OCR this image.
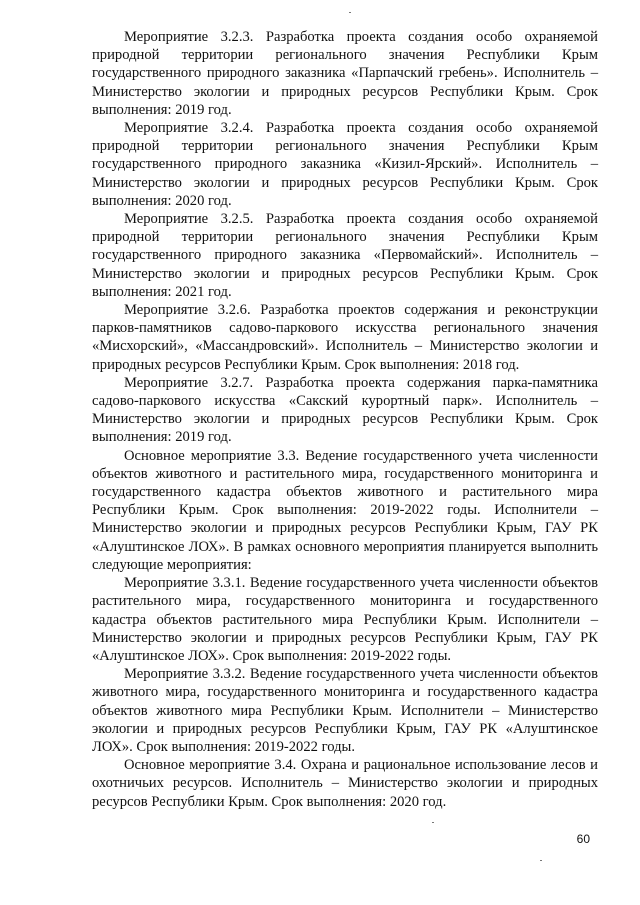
Мероприятие 3.2.3. Разработка проекта создания особо охраняемой природной территории регионального значения Республики Крым государственного природного заказника «Парпачский гребень». Исполнитель – Министерство экологии и природных ресурсов Республики Крым. Срок выполнения: 2019 год.

Мероприятие 3.2.4. Разработка проекта создания особо охраняемой природной территории регионального значения Республики Крым государственного природного заказника «Кизил-Ярский». Исполнитель – Министерство экологии и природных ресурсов Республики Крым. Срок выполнения: 2020 год.

Мероприятие 3.2.5. Разработка проекта создания особо охраняемой природной территории регионального значения Республики Крым государственного природного заказника «Первомайский». Исполнитель – Министерство экологии и природных ресурсов Республики Крым. Срок выполнения: 2021 год.

Мероприятие 3.2.6. Разработка проектов содержания и реконструкции парков-памятников садово-паркового искусства регионального значения «Мисхорский», «Массандровский». Исполнитель – Министерство экологии и природных ресурсов Республики Крым. Срок выполнения: 2018 год.

Мероприятие 3.2.7. Разработка проекта содержания парка-памятника садово-паркового искусства «Сакский курортный парк». Исполнитель – Министерство экологии и природных ресурсов Республики Крым. Срок выполнения: 2019 год.

Основное мероприятие 3.3. Ведение государственного учета численности объектов животного и растительного мира, государственного мониторинга и государственного кадастра объектов животного и растительного мира Республики Крым. Срок выполнения: 2019-2022 годы. Исполнители – Министерство экологии и природных ресурсов Республики Крым, ГАУ РК «Алуштинское ЛОХ». В рамках основного мероприятия планируется выполнить следующие мероприятия:

Мероприятие 3.3.1. Ведение государственного учета численности объектов растительного мира, государственного мониторинга и государственного кадастра объектов растительного мира Республики Крым. Исполнители – Министерство экологии и природных ресурсов Республики Крым, ГАУ РК «Алуштинское ЛОХ». Срок выполнения: 2019-2022 годы.

Мероприятие 3.3.2. Ведение государственного учета численности объектов животного мира, государственного мониторинга и государственного кадастра объектов животного мира Республики Крым. Исполнители – Министерство экологии и природных ресурсов Республики Крым, ГАУ РК «Алуштинское ЛОХ». Срок выполнения: 2019-2022 годы.

Основное мероприятие 3.4. Охрана и рациональное использование лесов и охотничьих ресурсов. Исполнитель – Министерство экологии и природных ресурсов Республики Крым. Срок выполнения: 2020 год.

60
